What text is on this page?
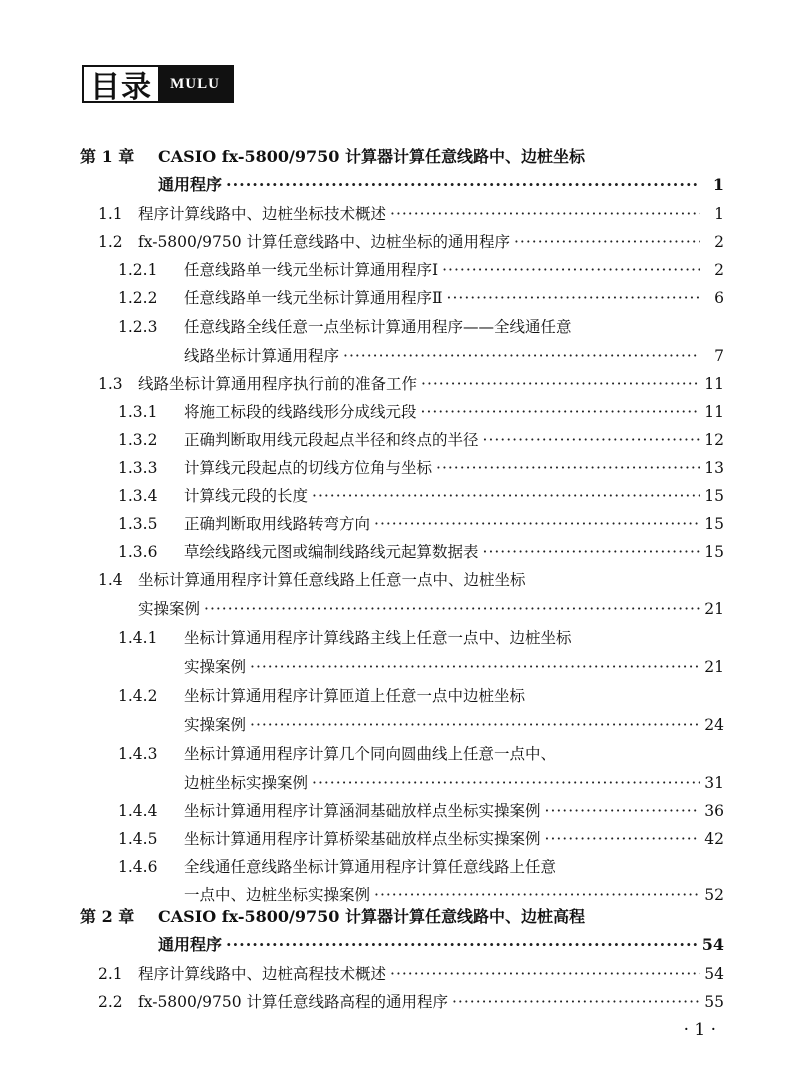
目录	MULU
第 1 章	CASIO fx-5800/9750 计算器计算任意线路中、边桩坐标
通用程序 ·····	1
1.1 程序计算线路中、边桩坐标技术概述 ·····	1
1.2 fx-5800/9750 计算任意线路中、边桩坐标的通用程序 ·····	2
1.2.1	任意线路单一线元坐标计算通用程序Ⅰ ·····	2
1.2.2	任意线路单一线元坐标计算通用程序Ⅱ ·····	6
1.2.3	任意线路全线任意一点坐标计算通用程序——全线通任意
线路坐标计算通用程序 ·····	7
1.3 线路坐标计算通用程序执行前的准备工作 ·····	11
1.3.1	将施工标段的线路线形分成线元段 ·····	11
1.3.2	正确判断取用线元段起点半径和终点的半径 ·····	12
1.3.3	计算线元段起点的切线方位角与坐标 ·····	13
1.3.4	计算线元段的长度 ·····	15
1.3.5	正确判断取用线路转弯方向 ·····	15
1.3.6	草绘线路线元图或编制线路线元起算数据表 ·····	15
1.4 坐标计算通用程序计算任意线路上任意一点中、边桩坐标
实操案例 ·····	21
1.4.1	坐标计算通用程序计算线路主线上任意一点中、边桩坐标
实操案例 ·····	21
1.4.2	坐标计算通用程序计算匝道上任意一点中边桩坐标
实操案例 ·····	24
1.4.3	坐标计算通用程序计算几个同向圆曲线上任意一点中、
边桩坐标实操案例 ·····	31
1.4.4	坐标计算通用程序计算涵洞基础放样点坐标实操案例 ·····	36
1.4.5	坐标计算通用程序计算桥梁基础放样点坐标实操案例 ·····	42
1.4.6	全线通任意线路坐标计算通用程序计算任意线路上任意
一点中、边桩坐标实操案例 ·····	52
第 2 章	CASIO fx-5800/9750 计算器计算任意线路中、边桩高程
通用程序 ·····	54
2.1 程序计算线路中、边桩高程技术概述 ·····	54
2.2 fx-5800/9750 计算任意线路高程的通用程序 ·····	55
· 1 ·
